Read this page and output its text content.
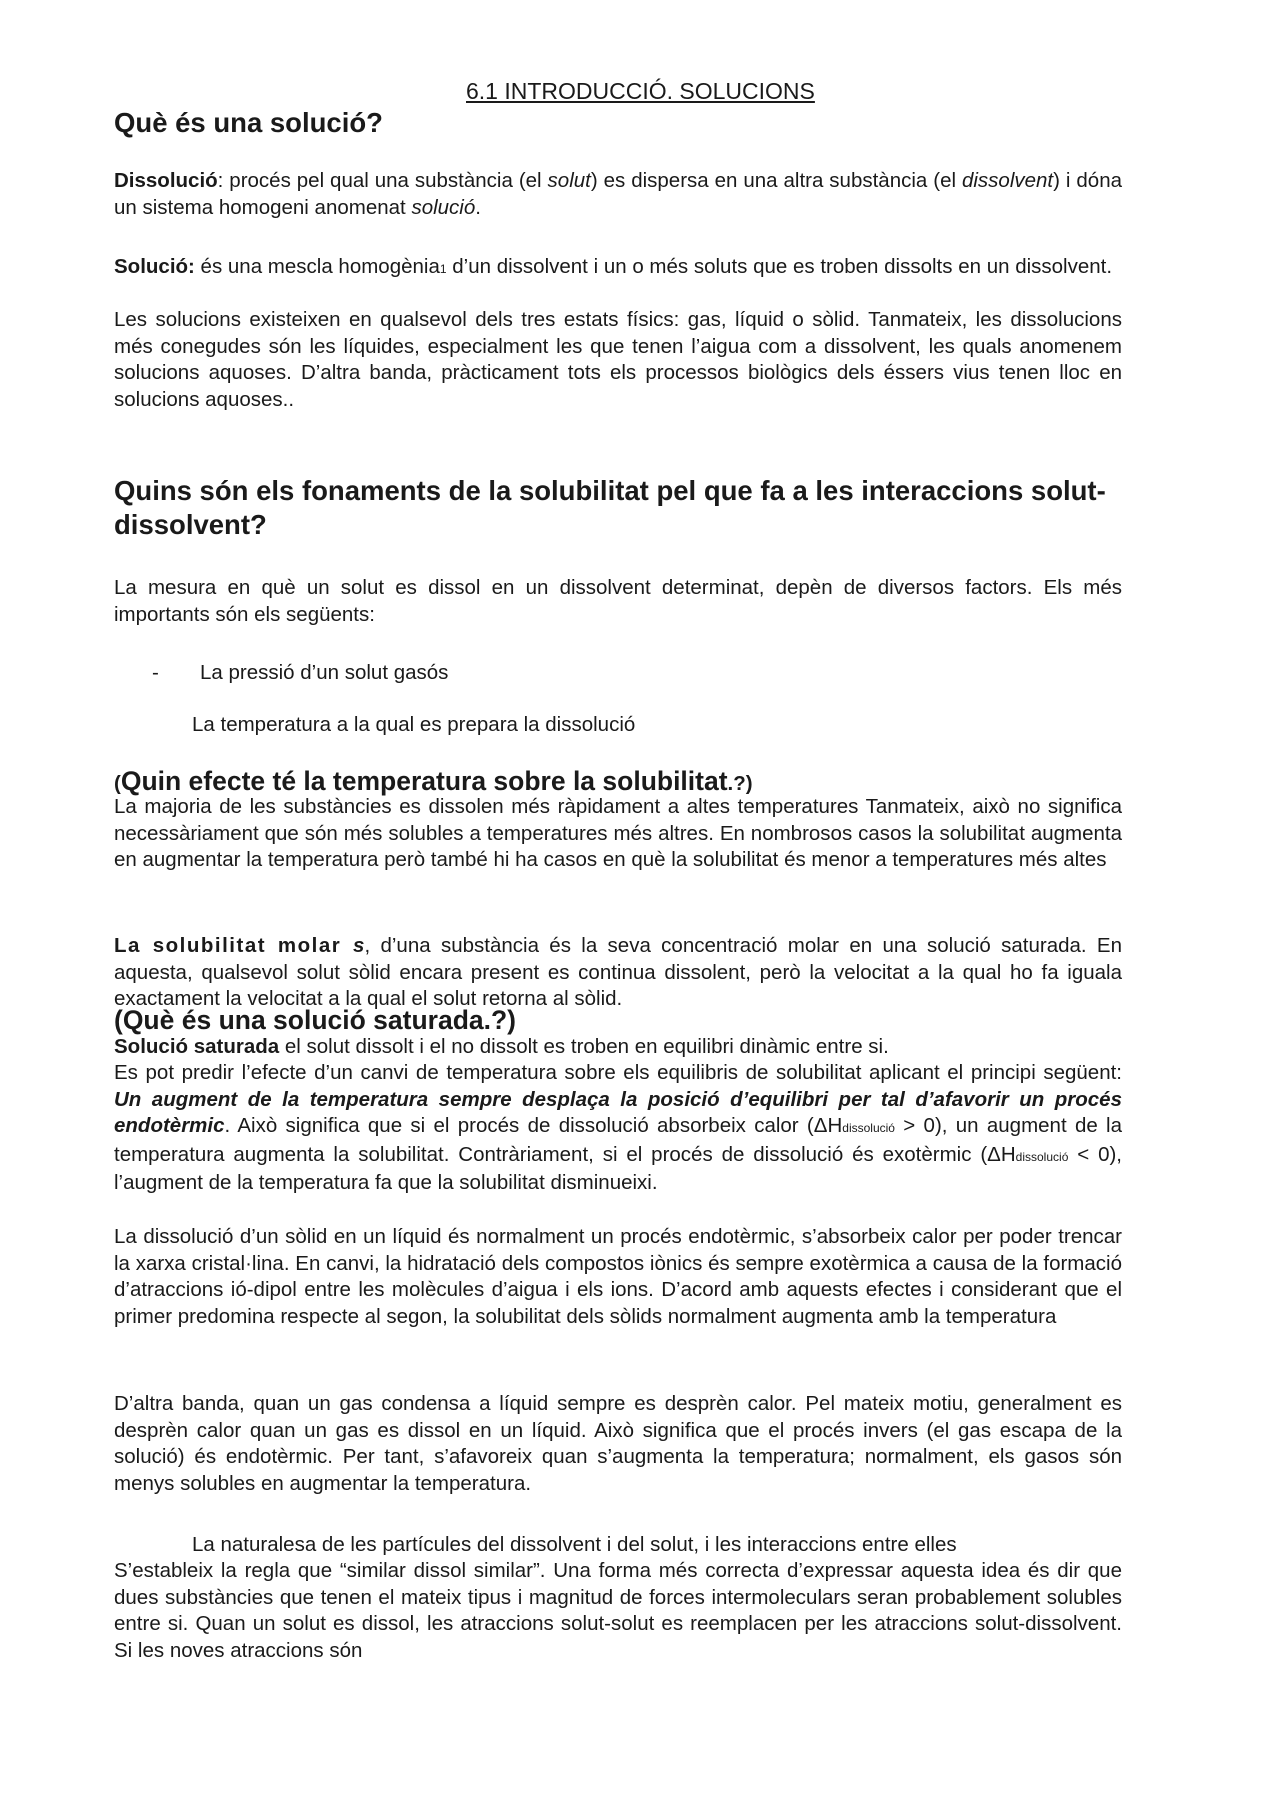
6.1 INTRODUCCIÓ. SOLUCIONS
Què és una solució?

Dissolució: procés pel qual una substància (el solut) es dispersa en una altra substància (el dissolvent) i dóna un sistema homogeni anomenat solució.

Solució: és una mescla homogènia1 d’un dissolvent i un o més soluts que es troben dissolts en un dissolvent.

Les solucions existeixen en qualsevol dels tres estats físics: gas, líquid o sòlid. Tanmateix, les dissolucions més conegudes són les líquides, especialment les que tenen l’aigua com a dissolvent, les quals anomenem solucions aquoses. D’altra banda, pràcticament tots els processos biològics dels éssers vius tenen lloc en solucions aquoses..

Quins són els fonaments de la solubilitat pel que fa a les interaccions solut-dissolvent?

La mesura en què un solut es dissol en un dissolvent determinat, depèn de diversos factors. Els més importants són els següents:

- La pressió d’un solut gasós
La temperatura a la qual es prepara la dissolució
(Quin efecte té la temperatura sobre la solubilitat.?)

La majoria de les substàncies es dissolen més ràpidament a altes temperatures Tanmateix, això no significa necessàriament que són més solubles a temperatures més altres. En nombrosos casos la solubilitat augmenta en augmentar la temperatura però també hi ha casos en què la solubilitat és menor a temperatures més altes

La solubilitat molar s, d’una substància és la seva concentració molar en una solució saturada. En aquesta, qualsevol solut sòlid encara present es continua dissolent, però la velocitat a la qual ho fa iguala exactament la velocitat a la qual el solut retorna al sòlid.

(Què és una solució saturada.?)

Solució saturada el solut dissolt i el no dissolt es troben en equilibri dinàmic entre si.

Es pot predir l’efecte d’un canvi de temperatura sobre els equilibris de solubilitat aplicant el principi següent: Un augment de la temperatura sempre desplaça la posició d’equilibri per tal d’afavorir un procés endotèrmic. Això significa que si el procés de dissolució absorbeix calor (ΔHdissolució > 0), un augment de la temperatura augmenta la solubilitat. Contràriament, si el procés de dissolució és exotèrmic (ΔHdissolució < 0), l’augment de la temperatura fa que la solubilitat disminueixi.

La dissolució d’un sòlid en un líquid és normalment un procés endotèrmic, s’absorbeix calor per poder trencar la xarxa cristal·lina. En canvi, la hidratació dels compostos iònics és sempre exotèrmica a causa de la formació d’atraccions ió-dipol entre les molècules d’aigua i els ions. D’acord amb aquests efectes i considerant que el primer predomina respecte al segon, la solubilitat dels sòlids normalment augmenta amb la temperatura

D’altra banda, quan un gas condensa a líquid sempre es desprèn calor. Pel mateix motiu, generalment es desprèn calor quan un gas es dissol en un líquid. Això significa que el procés invers (el gas escapa de la solució) és endotèrmic. Per tant, s’afavoreix quan s’augmenta la temperatura; normalment, els gasos són menys solubles en augmentar la temperatura.

La naturalesa de les partícules del dissolvent i del solut, i les interaccions entre elles

S’estableix la regla que “similar dissol similar”. Una forma més correcta d’expressar aquesta idea és dir que dues substàncies que tenen el mateix tipus i magnitud de forces intermoleculars seran probablement solubles entre si. Quan un solut es dissol, les atraccions solut-solut es reemplacen per les atraccions solut-dissolvent. Si les noves atraccions són
